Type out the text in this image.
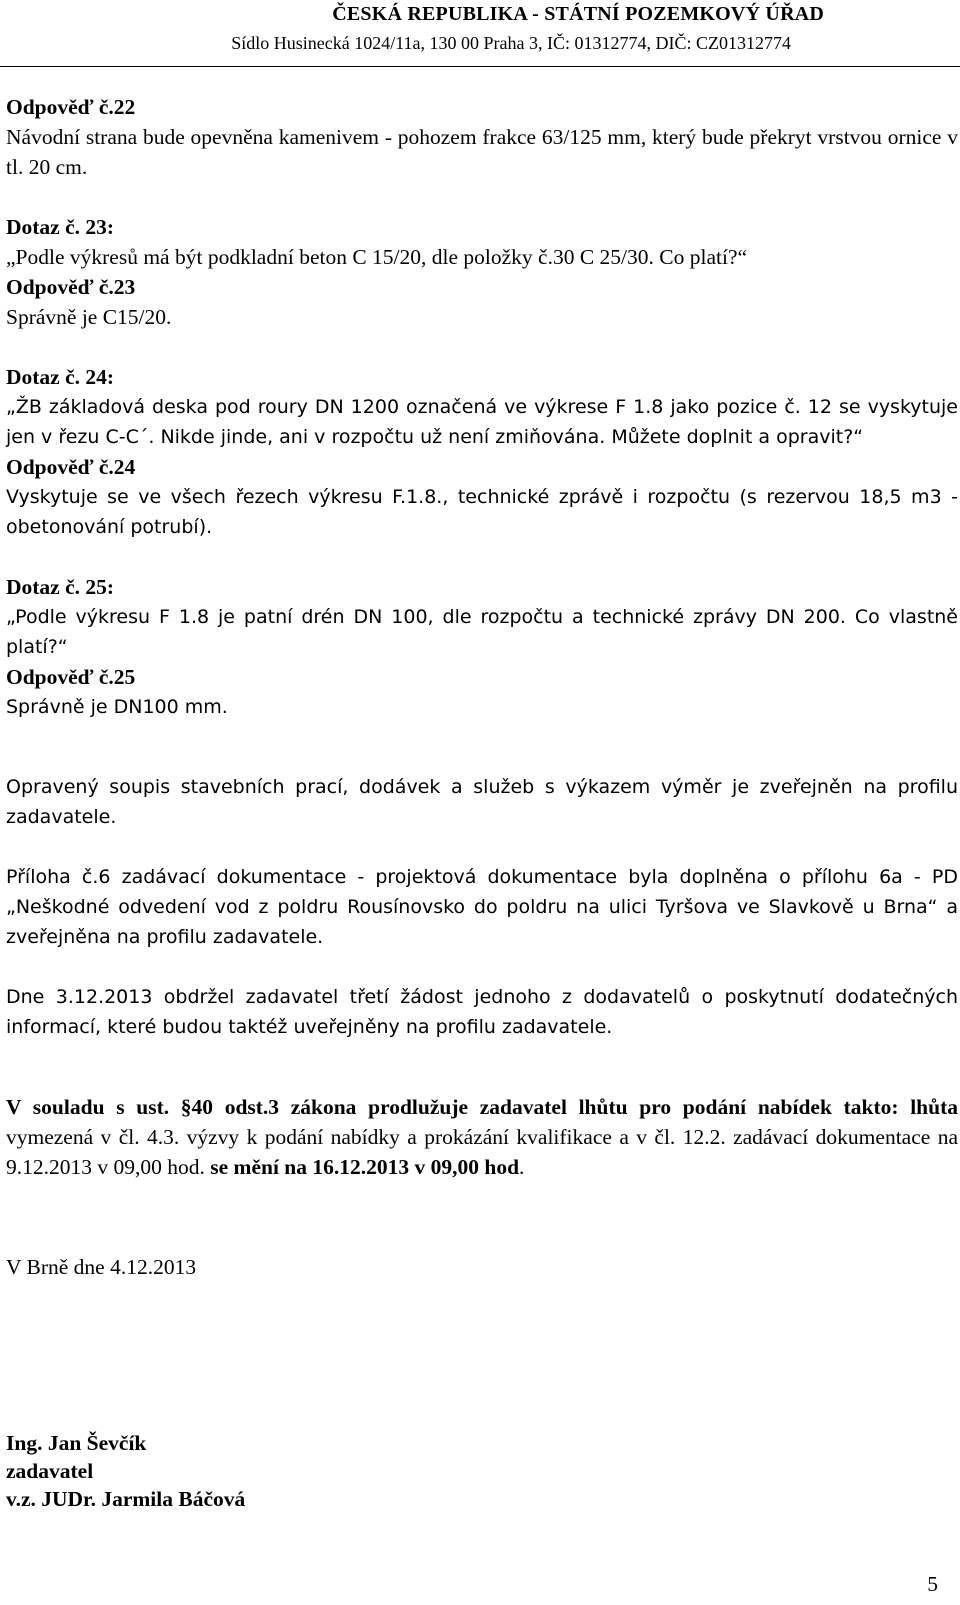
ČESKÁ REPUBLIKA - STÁTNÍ POZEMKOVÝ ÚŘAD
Sídlo Husinecká 1024/11a, 130 00 Praha 3, IČ: 01312774, DIČ: CZ01312774
Odpověď č.22
Návodní strana bude opevněna kamenivem - pohozem frakce 63/125 mm, který bude překryt vrstvou ornice v tl. 20 cm.
Dotaz č. 23:
„Podle výkresů má být podkladní beton C 15/20, dle položky č.30 C 25/30. Co platí?“
Odpověď č.23
Správně je C15/20.
Dotaz č. 24:
„ŽB základová deska pod roury DN 1200 označená ve výkrese F 1.8 jako pozice č. 12 se vyskytuje jen v řezu C-C´. Nikde jinde, ani v rozpočtu už není zmiňována. Můžete doplnit a opravit?“
Odpověď č.24
Vyskytuje se ve všech řezech výkresu F.1.8., technické zprávě i rozpočtu (s rezervou 18,5 m3 - obetonování potrubí).
Dotaz č. 25:
„Podle výkresu F 1.8 je patní drén DN 100, dle rozpočtu a technické zprávy DN 200. Co vlastně platí?“
Odpověď č.25
Správně je DN100 mm.
Opravený soupis stavebních prací, dodávek a služeb s výkazem výměr je zveřejněn na profilu zadavatele.
Příloha č.6 zadávací dokumentace - projektová dokumentace byla doplněna o přílohu 6a - PD „Neškodné odvedení vod z poldru Rousínovsko do poldru na ulici Tyršova ve Slavkově u Brna“ a zveřejněna na profilu zadavatele.
Dne 3.12.2013 obdržel zadavatel třetí žádost jednoho z dodavatelů o poskytnutí dodatečných informací, které budou taktéž uveřejněny na profilu zadavatele.
V souladu s ust. §40 odst.3 zákona prodlužuje zadavatel lhůtu pro podání nabídek takto: lhůta vymezená v čl. 4.3. výzvy k podání nabídky a prokázání kvalifikace a v čl. 12.2. zadávací dokumentace na 9.12.2013 v 09,00 hod. se mění na 16.12.2013 v 09,00 hod.
V Brně dne 4.12.2013
Ing. Jan Ševčík
zadavatel
v.z. JUDr. Jarmila Báčová
5
